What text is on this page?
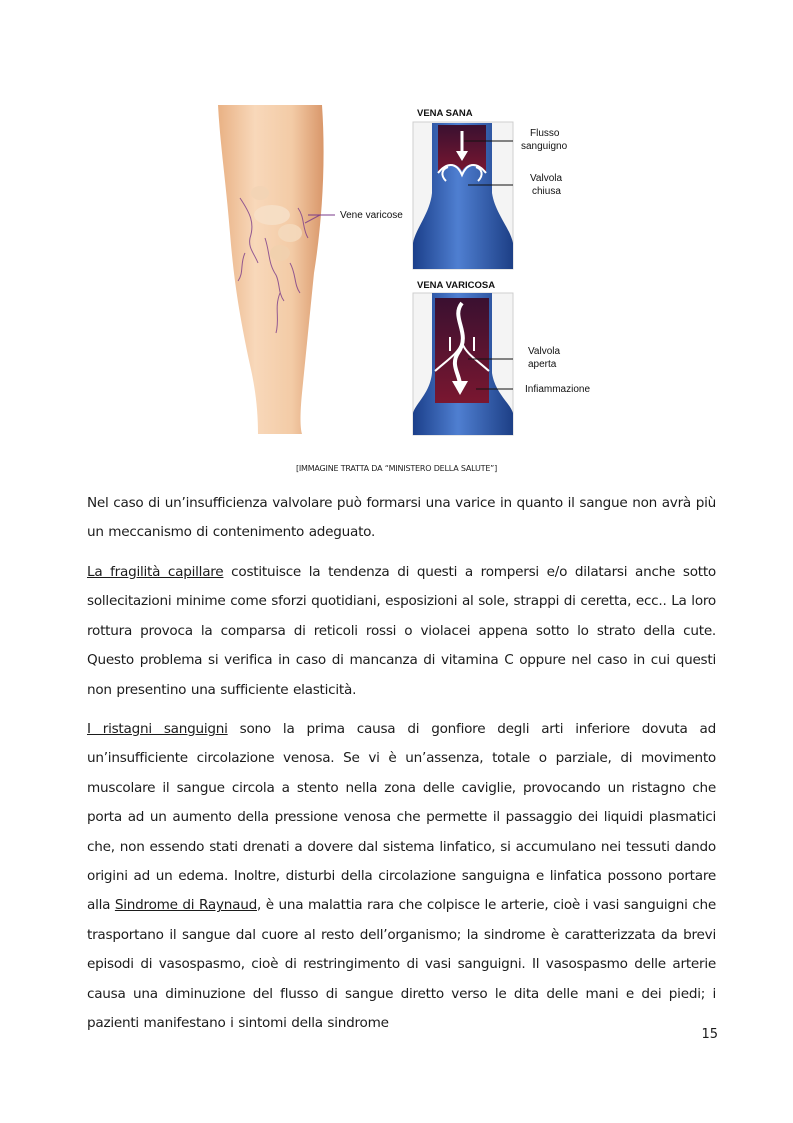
Vene varicose
VENA SANA
Flusso
sanguigno
Valvola
chiusa
VENA VARICOSA
Valvola
aperta
Infiammazione
[IMMAGINE TRATTA DA “MINISTERO DELLA SALUTE”]
Nel caso di un’insufficienza valvolare può formarsi una varice in quanto il sangue non avrà più un meccanismo di contenimento adeguato.
La fragilità capillare costituisce la tendenza di questi a rompersi e/o dilatarsi anche sotto sollecitazioni minime come sforzi quotidiani, esposizioni al sole, strappi di ceretta, ecc.. La loro rottura provoca la comparsa di reticoli rossi o violacei appena sotto lo strato della cute. Questo problema si verifica in caso di mancanza di vitamina C oppure nel caso in cui questi non presentino una sufficiente elasticità.
I ristagni sanguigni sono la prima causa di gonfiore degli arti inferiore dovuta ad un’insufficiente circolazione venosa. Se vi è un’assenza, totale o parziale, di movimento muscolare il sangue circola a stento nella zona delle caviglie, provocando un ristagno che porta ad un aumento della pressione venosa che permette il passaggio dei liquidi plasmatici che, non essendo stati drenati a dovere dal sistema linfatico, si accumulano nei tessuti dando origini ad un edema. Inoltre, disturbi della circolazione sanguigna e linfatica possono portare alla Sindrome di Raynaud, è una malattia rara che colpisce le arterie, cioè i vasi sanguigni che trasportano il sangue dal cuore al resto dell’organismo; la sindrome è caratterizzata da brevi episodi di vasospasmo, cioè di restringimento di vasi sanguigni. Il vasospasmo delle arterie causa una diminuzione del flusso di sangue diretto verso le dita delle mani e dei piedi; i pazienti manifestano i sintomi della sindrome
15
